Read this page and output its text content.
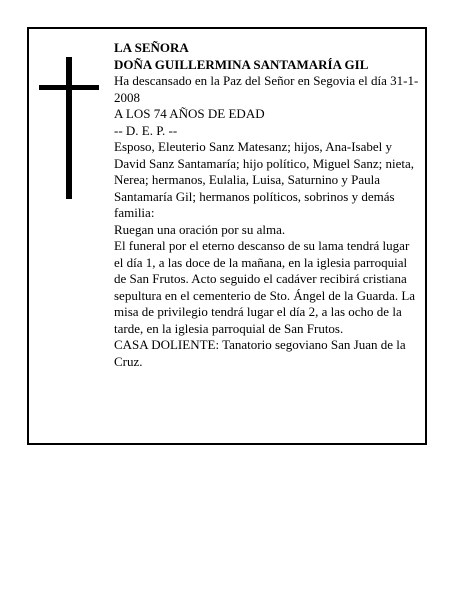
LA SEÑORA

DOÑA GUILLERMINA SANTAMARÍA GIL

Ha descansado en la Paz del Señor en Segovia el día 31-1-2008

A LOS 74 AÑOS DE EDAD

-- D. E. P. --

Esposo, Eleuterio Sanz Matesanz; hijos, Ana-Isabel y David Sanz Santamaría; hijo político, Miguel Sanz; nieta, Nerea; hermanos, Eulalia, Luisa, Saturnino y Paula Santamaría Gil; hermanos políticos, sobrinos y demás familia:

Ruegan una oración por su alma.

El funeral por el eterno descanso de su lama tendrá lugar el día 1, a las doce de la mañana, en la iglesia parroquial de San Frutos. Acto seguido el cadáver recibirá cristiana sepultura en el cementerio de Sto. Ángel de la Guarda. La misa de privilegio tendrá lugar el día 2, a las ocho de la tarde, en la iglesia parroquial de San Frutos.

CASA DOLIENTE: Tanatorio segoviano San Juan de la Cruz.
